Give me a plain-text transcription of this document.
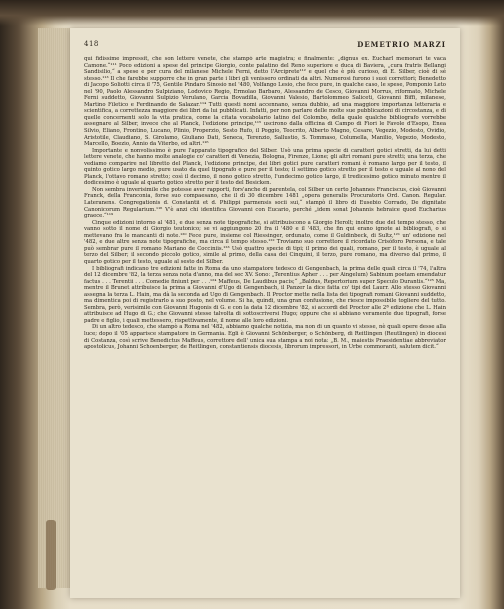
418	DEMETRIO MARZI

qui fidissime impressit, che son lettere venete, che stampò arte magistra; e finalmente: „dignus ex. Eucharl memorari te vaca Camone.“¹¹¹ Poco edizioni a spese del principe Giorgio, conte palatino del Reno superiore e duca di Baviera, „cura fratris Bellangi Sandisilio,“ a spese e per cura del milanese Michele Ferni, detto l'Arciprete¹¹² e quel che è più curioso, di E. Silber, cioè di sé stesso.¹¹³ Il che farebbe supporre che in gran parte i libri gli venissero ordinati da altri. Numerosi furono i suoi correttori; Benedetto di Jacopo Soliotti circa il '75, Gentile Pindaro Sinosio nel '480, Volfango Lesio, che fece pure, in qualche caso, le spese, Pomponio Leto nel '90, Paolo Alessandro Sulpiziano, Lodovico Regio, Ermolao Barbaro, Alessandro de Cesco, Giovanni Morrus, riformato, Michele Ferni suddetto, Giovanni Sulpizio Verulano, Garcia Bovadilla, Giovanni Valesio, Bartolommeo Saliceti, Giovanni Biffi, milanese, Martino Filetico e Ferdinando de Salazar.¹¹⁴ Tutti questi nomi accennano, senza dubbio, ad una maggiore importanza letteraria e scientifica, a correttezza maggiore dei libri da lui pubblicati. Infatti, per non parlare delle molte sue pubblicazioni di circostanza, e di quelle concernenti solo la vita pratica, come la citata vocabolario latino del Colombo, della quale qualche bibliografo vorrebbe assegnare al Silber, invece che al Planck, l'edizione principe,¹¹⁵ uscirono dalla officina di Campo di Fiori le Favole d'Esopo, Enea Silvio, Eliano, Frontino, Lucano, Plinio, Properzio, Sesto Rufo, il Poggio, Teocrito, Alberto Magno, Cesare, Vegezio, Modesto, Ovidio, Aristotile, Claudiano, S. Girolamo, Giuliano Dati, Seneca, Terenzio, Sallustio, S. Tommaso, Columella, Manilio, Vegezio, Modesto, Marcello, Boezio, Annio da Viterbo, ed altri.¹¹⁶

Importante e nonvolissimo è pure l'apparato tipografico del Silber. Usò una prima specie di caratteri gotici stretti, da lui detti lettere venete, che hanno molte analogie co' caratteri di Venezia, Bologna, Firenze, Lione; gli altri romani pure stretti; una terza, che vediamo comparire nel libretto del Planck, l'edizione principe, dei libri gotici pure caratteri romani è romano largo per il testo, il quinto gotico largo medio, pure usato da quel tipografo e pure per il testo; il settimo gotico stretto per il testo e uguale al nono del Planck, l'ottavo romano stretto; così il decimo, il nono gotico stretto, l'undecimo gotico largo, il tredicesimo gotico minuto mentre il dodicesimo è uguale al quarto gotico stretto per il testo del Besicken.

Non sembra inverisimile che potesse aver rapporti, fors'anche di parentela, col Silber un certo Johannes Franciscus, cioè Giovanni Franck, della Franconia, forse suo compaesano, che il dì 30 dicembre 1481 „opera generalis Procuratoris Ord. Canon. Regular. Lateranens. Congregationis d. Constantii et d. Philippi parmensis socii sui,“ stampò il libro di Eusebio Corrado, De dignitate Canonicorum Regularium.¹¹⁶ V'è anzi chi identifica Giovanni con Eucario, perché „idem sonat Johannis hebraice quod Eucharius graece.“¹¹⁹

Cinque edizioni intorno al '481, e due senza note tipografiche, si attribuiscono a Giorgio Herolt; inoltre due del tempo stesso, che vanno sotto il nome di Giorgio teutonico; se vi aggiungono 20 fra il '480 e il '483, che fin qui erano ignote ai bibliografi, o si mettevano fra le mancanti di note.¹²⁰ Fece pure, insieme col Riessinger, ordunato, come il Guldinbeck, di Sultz,¹²¹ un' edizione nel '482, e due altre senza note tipografiche, ma circa il tempo stesso.¹²² Troviamo suo correttore il ricordato Crisóforo Persona, e tale può sembrar pure il romano Mariano de Cocciniis.¹²³ Usò quattro specie di tipi; il primo dei quali, romano, per il testo, è uguale al terzo del Silber; il secondo piccolo gotico, simile al primo, della casa dei Cinquini, il terzo, pure romano, ma diverso dal primo, il quarto gotico per il testo, uguale al sesto del Silber.

I bibliografi indicano tre edizioni fatte in Roma da uno stampatore tedesco di Gengenbach, la prima delle quali circa il '74, l'altra del 12 dicembre '82, la terza senza nota d'anno, ma del sec XV. Sono: „Terentius Apher . . . per Aingelum) Sabinum poetam emendatur factus . . . Terentii . . . Comedie finiunt per . . .¹²⁴ Maffeus, De Laudibus pacis;“ „Baldus, Repertorium super Speculo Durantis.“¹²⁵ Ma, mentre il Brunet attribuisce la prima a Giovanni d'Ugo di Gengenbach, il Panzer la dice fatta co' tipi del Laurr. Allo stesso Giovanni assegna la terza L. Hain, ma dà la seconda ad Ugo di Gengenbach. Il Proctor mette nella lista dei tipografi romani Giovanni suddetto, ma dimentica poi di registrarlo a suo posto, nel volume. Si ha, quindi, una gran confusione, che riesce impossibile togliere del tutto. Sembra, però, verisimile con Giovanni Hugonis di G. e con la data 12 dicembre '82, si accordi del Proctor alle 2ª edizione che L. Hain attribuisce ad Hugo di G.; che Giovanni stesse talvolta di sottoscriversi Hugo; oppure che si abbiano veramente due tipografi, forse padre e figlio, i quali mettessero, rispettivamente, il nome alle loro edizioni.

Di un altro tedesco, che stampò a Roma nel '482, abbiamo qualche notizia, ma non di un quanto vi stesse, nè quali opere desse alla luce; dopo il '05 apparisce stampatore in Germania. Egli è Giovanni Schönberger, o Schönberg, di Reitlingen (Reutlingen) in diocesi di Costanza, così scrive Benedictus Maffeus, correttore dell' unica sua stampa a noi nota: „B. M., maiestis Praesidentiae abbreviator apostolicus, Johanni Schoenberger, de Reitlingen, constantiensis diocesis, librorum impressori, in Urbe commoranti, salutem dicit.“
